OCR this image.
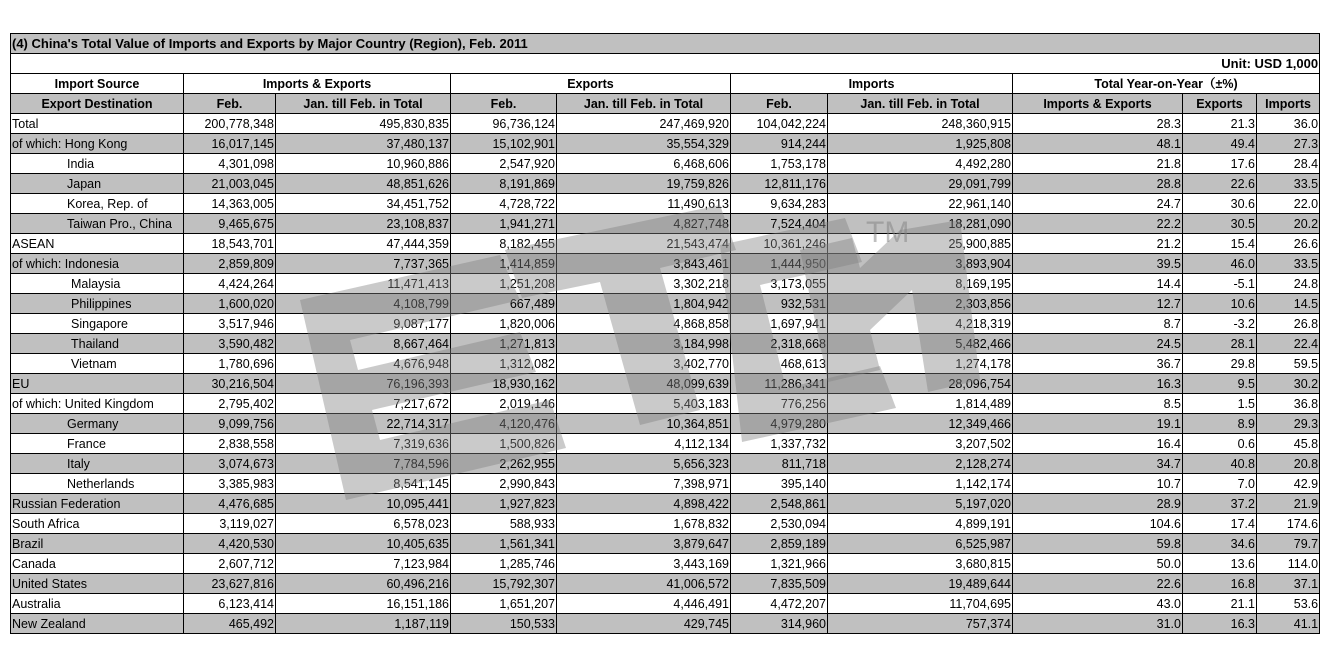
(4) China's Total Value of Imports and Exports by Major Country (Region), Feb. 2011									
Unit: USD 1,000									
Import Source	Imports & Exports		Exports		Imports		Total Year-on-Year（±%)		
Export Destination	Feb.	Jan. till Feb. in Total	Feb.	Jan. till Feb. in Total	Feb.	Jan. till Feb. in Total	Imports & Exports	Exports	Imports
Total	200,778,348	495,830,835	96,736,124	247,469,920	104,042,224	248,360,915	28.3	21.3	36.0
of which: Hong Kong	16,017,145	37,480,137	15,102,901	35,554,329	914,244	1,925,808	48.1	49.4	27.3
India	4,301,098	10,960,886	2,547,920	6,468,606	1,753,178	4,492,280	21.8	17.6	28.4
Japan	21,003,045	48,851,626	8,191,869	19,759,826	12,811,176	29,091,799	28.8	22.6	33.5
Korea, Rep. of	14,363,005	34,451,752	4,728,722	11,490,613	9,634,283	22,961,140	24.7	30.6	22.0
Taiwan Pro., China	9,465,675	23,108,837	1,941,271	4,827,748	7,524,404	18,281,090	22.2	30.5	20.2
ASEAN	18,543,701	47,444,359	8,182,455	21,543,474	10,361,246	25,900,885	21.2	15.4	26.6
of which: Indonesia	2,859,809	7,737,365	1,414,859	3,843,461	1,444,950	3,893,904	39.5	46.0	33.5
Malaysia	4,424,264	11,471,413	1,251,208	3,302,218	3,173,055	8,169,195	14.4	-5.1	24.8
Philippines	1,600,020	4,108,799	667,489	1,804,942	932,531	2,303,856	12.7	10.6	14.5
Singapore	3,517,946	9,087,177	1,820,006	4,868,858	1,697,941	4,218,319	8.7	-3.2	26.8
Thailand	3,590,482	8,667,464	1,271,813	3,184,998	2,318,668	5,482,466	24.5	28.1	22.4
Vietnam	1,780,696	4,676,948	1,312,082	3,402,770	468,613	1,274,178	36.7	29.8	59.5
EU	30,216,504	76,196,393	18,930,162	48,099,639	11,286,341	28,096,754	16.3	9.5	30.2
of which: United Kingdom	2,795,402	7,217,672	2,019,146	5,403,183	776,256	1,814,489	8.5	1.5	36.8
Germany	9,099,756	22,714,317	4,120,476	10,364,851	4,979,280	12,349,466	19.1	8.9	29.3
France	2,838,558	7,319,636	1,500,826	4,112,134	1,337,732	3,207,502	16.4	0.6	45.8
Italy	3,074,673	7,784,596	2,262,955	5,656,323	811,718	2,128,274	34.7	40.8	20.8
Netherlands	3,385,983	8,541,145	2,990,843	7,398,971	395,140	1,142,174	10.7	7.0	42.9
Russian Federation	4,476,685	10,095,441	1,927,823	4,898,422	2,548,861	5,197,020	28.9	37.2	21.9
South Africa	3,119,027	6,578,023	588,933	1,678,832	2,530,094	4,899,191	104.6	17.4	174.6
Brazil	4,420,530	10,405,635	1,561,341	3,879,647	2,859,189	6,525,987	59.8	34.6	79.7
Canada	2,607,712	7,123,984	1,285,746	3,443,169	1,321,966	3,680,815	50.0	13.6	114.0
United States	23,627,816	60,496,216	15,792,307	41,006,572	7,835,509	19,489,644	22.6	16.8	37.1
Australia	6,123,414	16,151,186	1,651,207	4,446,491	4,472,207	11,704,695	43.0	21.1	53.6
New Zealand	465,492	1,187,119	150,533	429,745	314,960	757,374	31.0	16.3	41.1
TM
